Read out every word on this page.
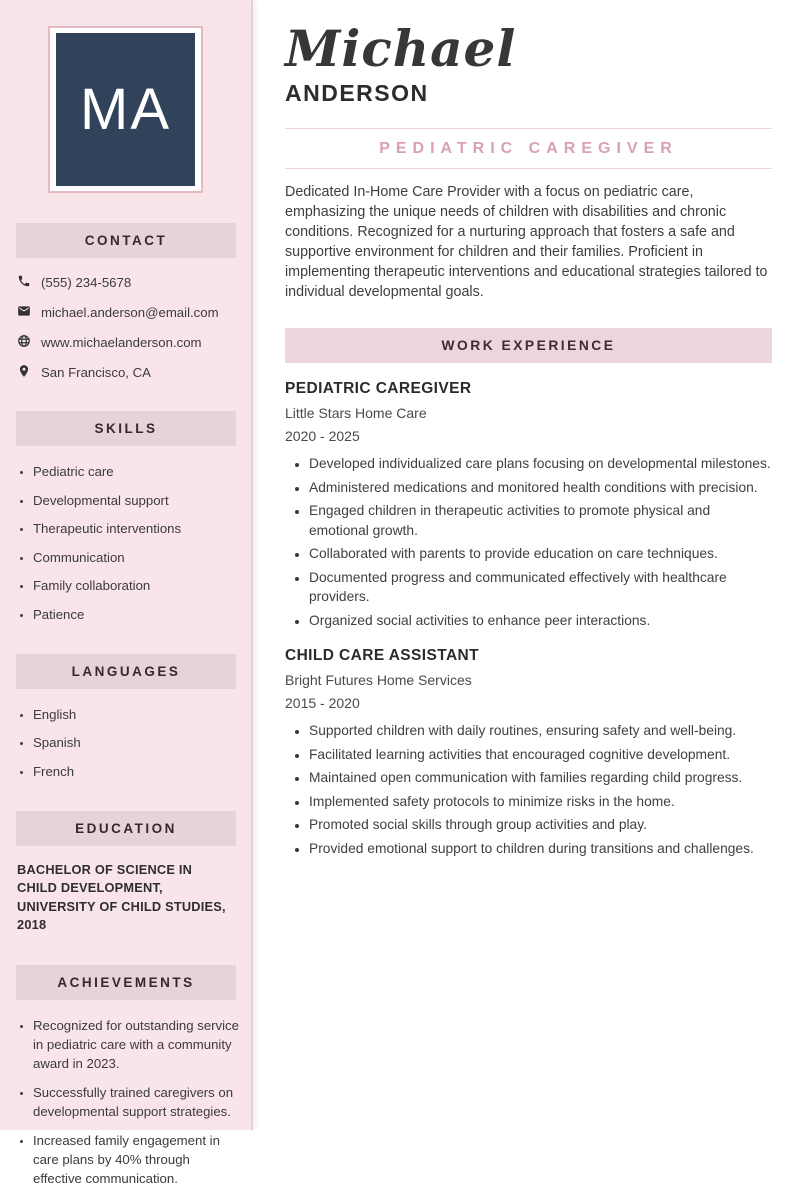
MA
CONTACT
(555) 234-5678
michael.anderson@email.com
www.michaelanderson.com
San Francisco, CA
SKILLS
• Pediatric care
• Developmental support
• Therapeutic interventions
• Communication
• Family collaboration
• Patience
LANGUAGES
• English
• Spanish
• French
EDUCATION
BACHELOR OF SCIENCE IN CHILD DEVELOPMENT, UNIVERSITY OF CHILD STUDIES, 2018
ACHIEVEMENTS
• Recognized for outstanding service in pediatric care with a community award in 2023.
• Successfully trained caregivers on developmental support strategies.
• Increased family engagement in care plans by 40% through effective communication.
Michael
ANDERSON
PEDIATRIC CAREGIVER

Dedicated In-Home Care Provider with a focus on pediatric care, emphasizing the unique needs of children with disabilities and chronic conditions. Recognized for a nurturing approach that fosters a safe and supportive environment for children and their families. Proficient in implementing therapeutic interventions and educational strategies tailored to individual developmental goals.

WORK EXPERIENCE
PEDIATRIC CAREGIVER
Little Stars Home Care
2020 - 2025
• Developed individualized care plans focusing on developmental milestones.
• Administered medications and monitored health conditions with precision.
• Engaged children in therapeutic activities to promote physical and emotional growth.
• Collaborated with parents to provide education on care techniques.
• Documented progress and communicated effectively with healthcare providers.
• Organized social activities to enhance peer interactions.
CHILD CARE ASSISTANT
Bright Futures Home Services
2015 - 2020
• Supported children with daily routines, ensuring safety and well-being.
• Facilitated learning activities that encouraged cognitive development.
• Maintained open communication with families regarding child progress.
• Implemented safety protocols to minimize risks in the home.
• Promoted social skills through group activities and play.
• Provided emotional support to children during transitions and challenges.
